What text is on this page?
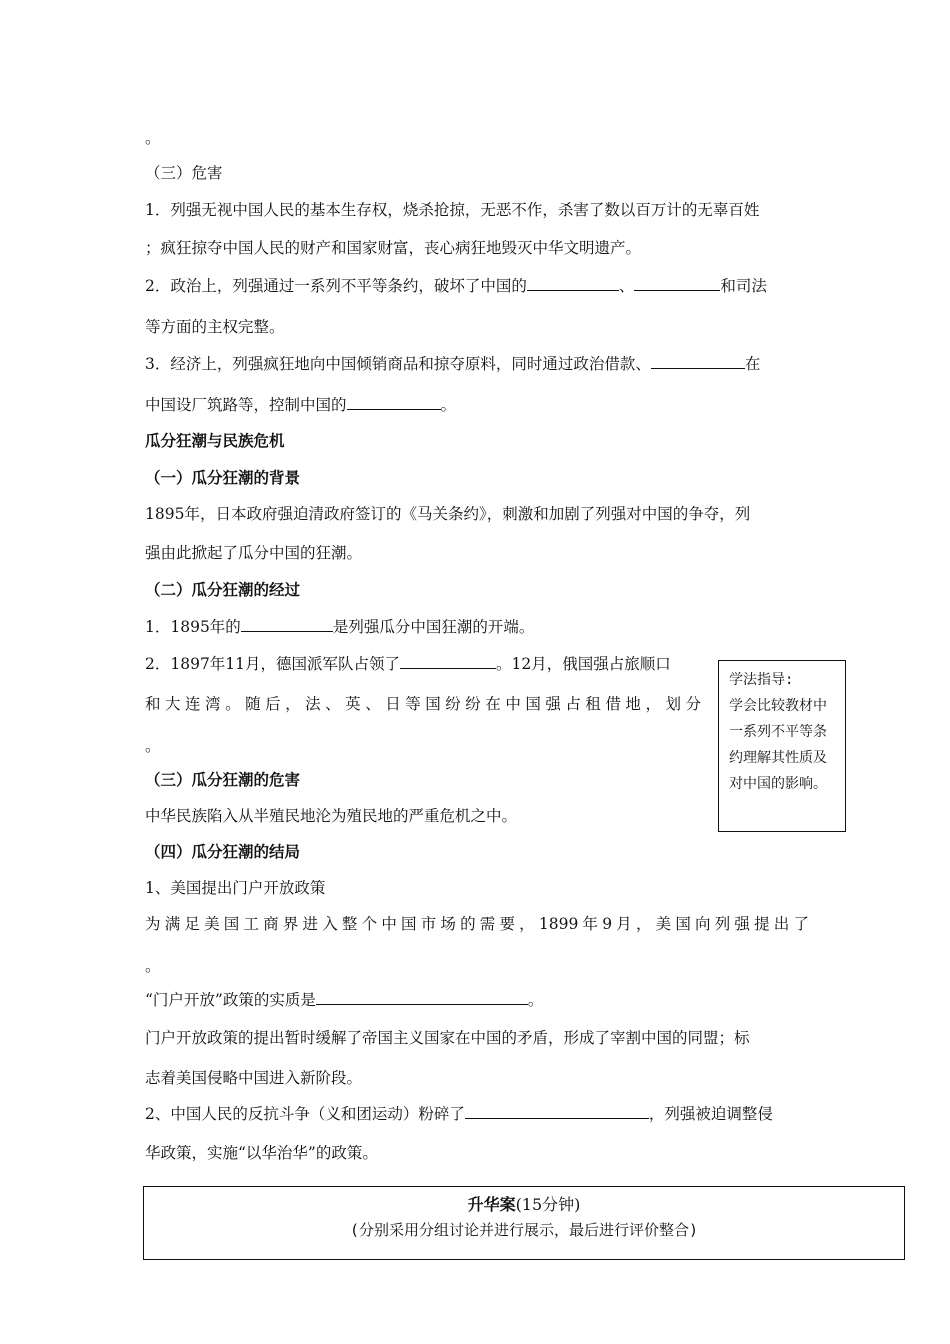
。
（三）危害
1．列强无视中国人民的基本生存权，烧杀抢掠，无恶不作，杀害了数以百万计的无辜百姓
；疯狂掠夺中国人民的财产和国家财富，丧心病狂地毁灭中华文明遗产。
2．政治上，列强通过一系列不平等条约，破坏了中国的	、	和司法
等方面的主权完整。
3．经济上，列强疯狂地向中国倾销商品和掠夺原料，同时通过政治借款、	在
中国设厂筑路等，控制中国的	。
瓜分狂潮与民族危机
（一）瓜分狂潮的背景
1895年，日本政府强迫清政府签订的《马关条约》，刺激和加剧了列强对中国的争夺，列
强由此掀起了瓜分中国的狂潮。
（二）瓜分狂潮的经过
1．1895年的	是列强瓜分中国狂潮的开端。
2．1897年11月，德国派军队占领了	。12月，俄国强占旅顺口
和大连湾。随后，法、英、日等国纷纷在中国强占租借地，划分
。
（三）瓜分狂潮的危害
中华民族陷入从半殖民地沦为殖民地的严重危机之中。
（四）瓜分狂潮的结局
1、美国提出门户开放政策
为满足美国工商界进入整个中国市场的需要，1899年9月，美国向列强提出了
。
“门户开放”政策的实质是	。
门户开放政策的提出暂时缓解了帝国主义国家在中国的矛盾，形成了宰割中国的同盟；标
志着美国侵略中国进入新阶段。
2、中国人民的反抗斗争（义和团运动）粉碎了	，列强被迫调整侵
华政策，实施“以华治华”的政策。
学法指导:
学会比较教材中一系列不平等条约理解其性质及对中国的影响。
升华案(15分钟)
(分别采用分组讨论并进行展示，最后进行评价整合)
